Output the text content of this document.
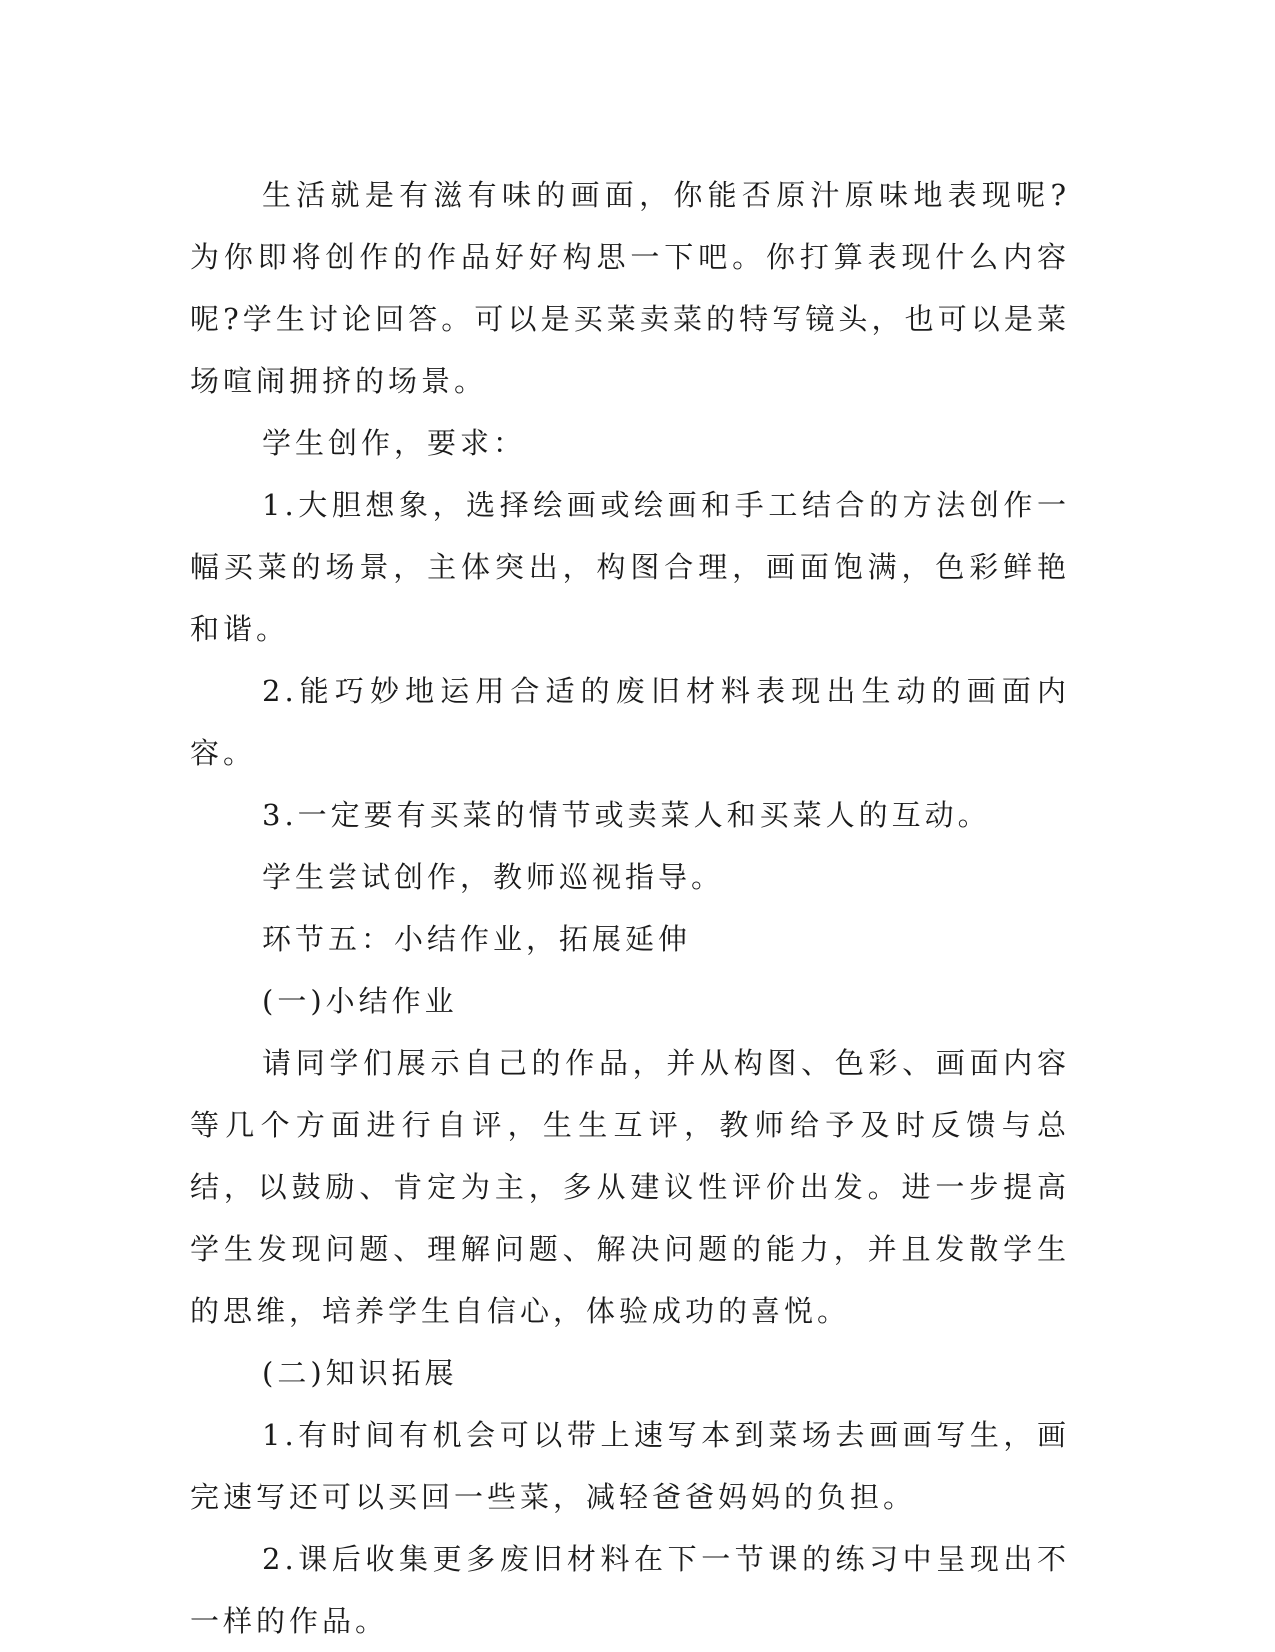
生活就是有滋有味的画面，你能否原汁原味地表现呢?为你即将创作的作品好好构思一下吧。你打算表现什么内容呢?学生讨论回答。可以是买菜卖菜的特写镜头，也可以是菜场喧闹拥挤的场景。

学生创作，要求：

1.大胆想象，选择绘画或绘画和手工结合的方法创作一幅买菜的场景，主体突出，构图合理，画面饱满，色彩鲜艳和谐。

2.能巧妙地运用合适的废旧材料表现出生动的画面内容。

3.一定要有买菜的情节或卖菜人和买菜人的互动。

学生尝试创作，教师巡视指导。

环节五：小结作业，拓展延伸

(一)小结作业

请同学们展示自己的作品，并从构图、色彩、画面内容等几个方面进行自评，生生互评，教师给予及时反馈与总结，以鼓励、肯定为主，多从建议性评价出发。进一步提高学生发现问题、理解问题、解决问题的能力，并且发散学生的思维，培养学生自信心，体验成功的喜悦。

(二)知识拓展

1.有时间有机会可以带上速写本到菜场去画画写生，画完速写还可以买回一些菜，减轻爸爸妈妈的负担。

2.课后收集更多废旧材料在下一节课的练习中呈现出不一样的作品。
